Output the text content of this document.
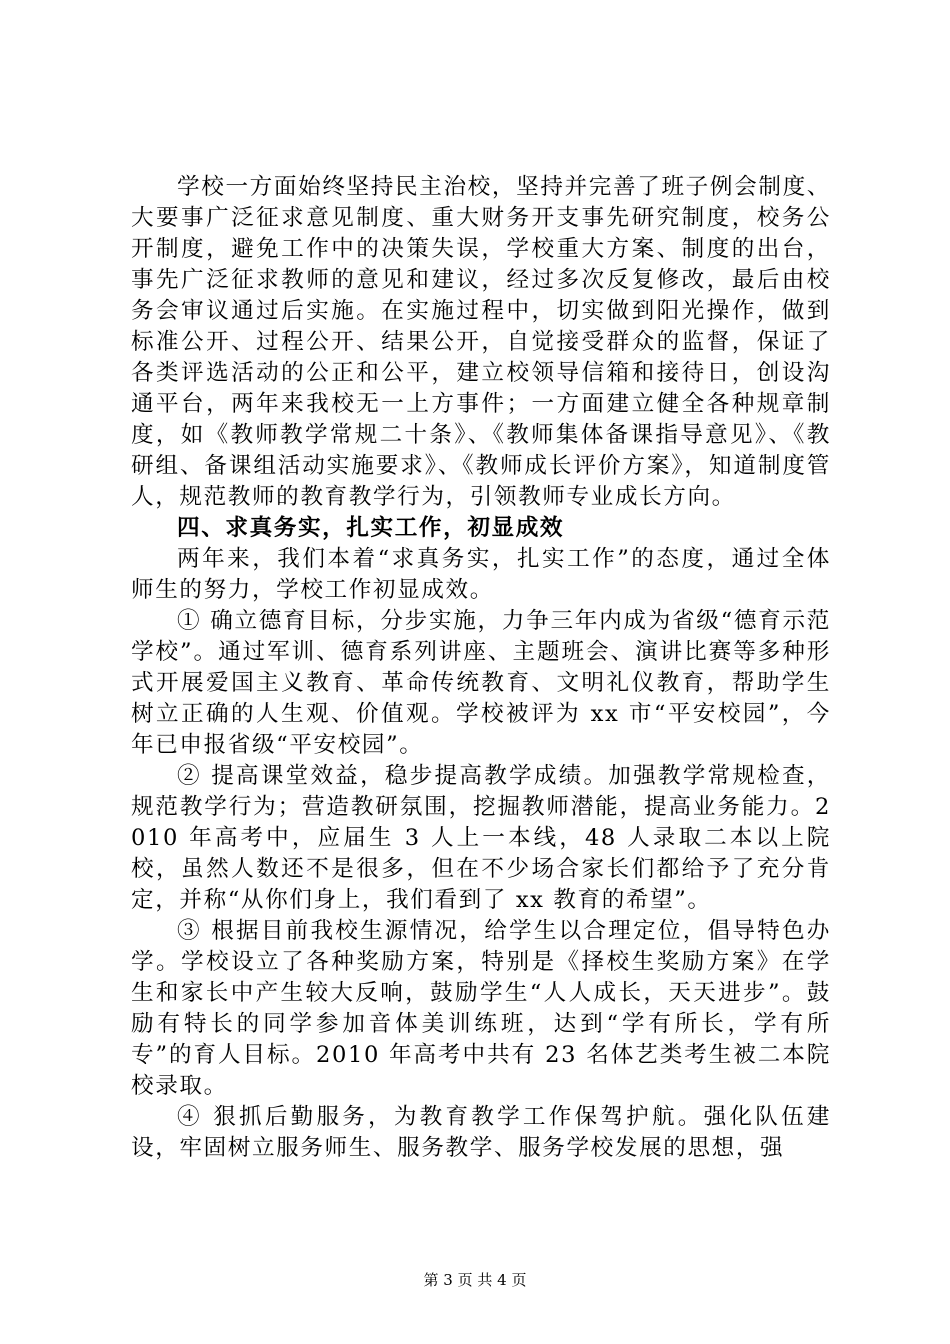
学校一方面始终坚持民主治校，坚持并完善了班子例会制度、大要事广泛征求意见制度、重大财务开支事先研究制度，校务公开制度，避免工作中的决策失误，学校重大方案、制度的出台，事先广泛征求教师的意见和建议，经过多次反复修改，最后由校务会审议通过后实施。在实施过程中，切实做到阳光操作，做到标准公开、过程公开、结果公开，自觉接受群众的监督，保证了各类评选活动的公正和公平，建立校领导信箱和接待日，创设沟通平台，两年来我校无一上方事件；一方面建立健全各种规章制度，如《教师教学常规二十条》、《教师集体备课指导意见》、《教研组、备课组活动实施要求》、《教师成长评价方案》，知道制度管人，规范教师的教育教学行为，引领教师专业成长方向。

四、求真务实，扎实工作，初显成效

两年来，我们本着“求真务实，扎实工作”的态度，通过全体师生的努力，学校工作初显成效。

① 确立德育目标，分步实施，力争三年内成为省级“德育示范学校”。通过军训、德育系列讲座、主题班会、演讲比赛等多种形式开展爱国主义教育、革命传统教育、文明礼仪教育，帮助学生树立正确的人生观、价值观。学校被评为 xx 市“平安校园”，今年已申报省级“平安校园”。

② 提高课堂效益，稳步提高教学成绩。加强教学常规检查，规范教学行为；营造教研氛围，挖掘教师潜能，提高业务能力。2010 年高考中，应届生 3 人上一本线，48 人录取二本以上院校，虽然人数还不是很多，但在不少场合家长们都给予了充分肯定，并称“从你们身上，我们看到了 xx 教育的希望”。

③ 根据目前我校生源情况，给学生以合理定位，倡导特色办学。学校设立了各种奖励方案，特别是《择校生奖励方案》在学生和家长中产生较大反响，鼓励学生“人人成长，天天进步”。鼓励有特长的同学参加音体美训练班，达到“学有所长，学有所专”的育人目标。2010 年高考中共有 23 名体艺类考生被二本院校录取。

④ 狠抓后勤服务，为教育教学工作保驾护航。强化队伍建设，牢固树立服务师生、服务教学、服务学校发展的思想，强

第 3 页 共 4 页
